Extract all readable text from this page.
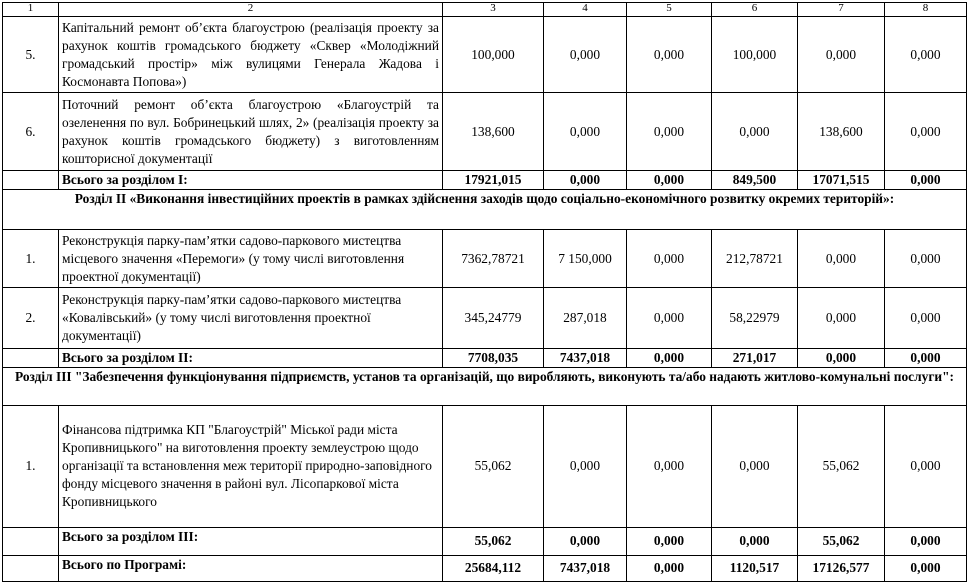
1	2	3	4	5	6	7	8
5.	Капітальний ремонт об’єкта благоустрою (реалізація проекту за рахунок коштів громадського бюджету «Сквер «Молодіжний громадський простір» між вулицями Генерала Жадова і Космонавта Попова»)	100,000	0,000	0,000	100,000	0,000	0,000
6.	Поточний ремонт об’єкта благоустрою «Благоустрій та озеленення по вул. Бобринецький шлях, 2» (реалізація проекту за рахунок коштів громадського бюджету) з виготовленням кошторисної документації	138,600	0,000	0,000	0,000	138,600	0,000
	Всього за розділом І:	17921,015	0,000	0,000	849,500	17071,515	0,000
Розділ ІІ «Виконання інвестиційних проектів в рамках здійснення заходів щодо соціально-економічного розвитку окремих територій»:							
1.	Реконструкція парку-пам’ятки садово-паркового мистецтва місцевого значення «Перемоги» (у тому числі виготовлення проектної документації)	7362,78721	7 150,000	0,000	212,78721	0,000	0,000
2.	Реконструкція парку-пам’ятки садово-паркового мистецтва «Ковалівський» (у тому числі виготовлення проектної документації)	345,24779	287,018	0,000	58,22979	0,000	0,000
	Всього за розділом ІІ:	7708,035	7437,018	0,000	271,017	0,000	0,000
Розділ ІІІ "Забезпечення функціонування підприємств, установ та організацій, що виробляють, виконують та/або надають житлово-комунальні послуги":							
1.	Фінансова підтримка КП "Благоустрій" Міської ради міста Кропивницького" на виготовлення проекту землеустрою щодо організації та встановлення меж території природно-заповідного фонду місцевого значення в районі вул. Лісопаркової міста Кропивницького	55,062	0,000	0,000	0,000	55,062	0,000
	Всього за розділом ІІІ:	55,062	0,000	0,000	0,000	55,062	0,000
	Всього по Програмі:	25684,112	7437,018	0,000	1120,517	17126,577	0,000
